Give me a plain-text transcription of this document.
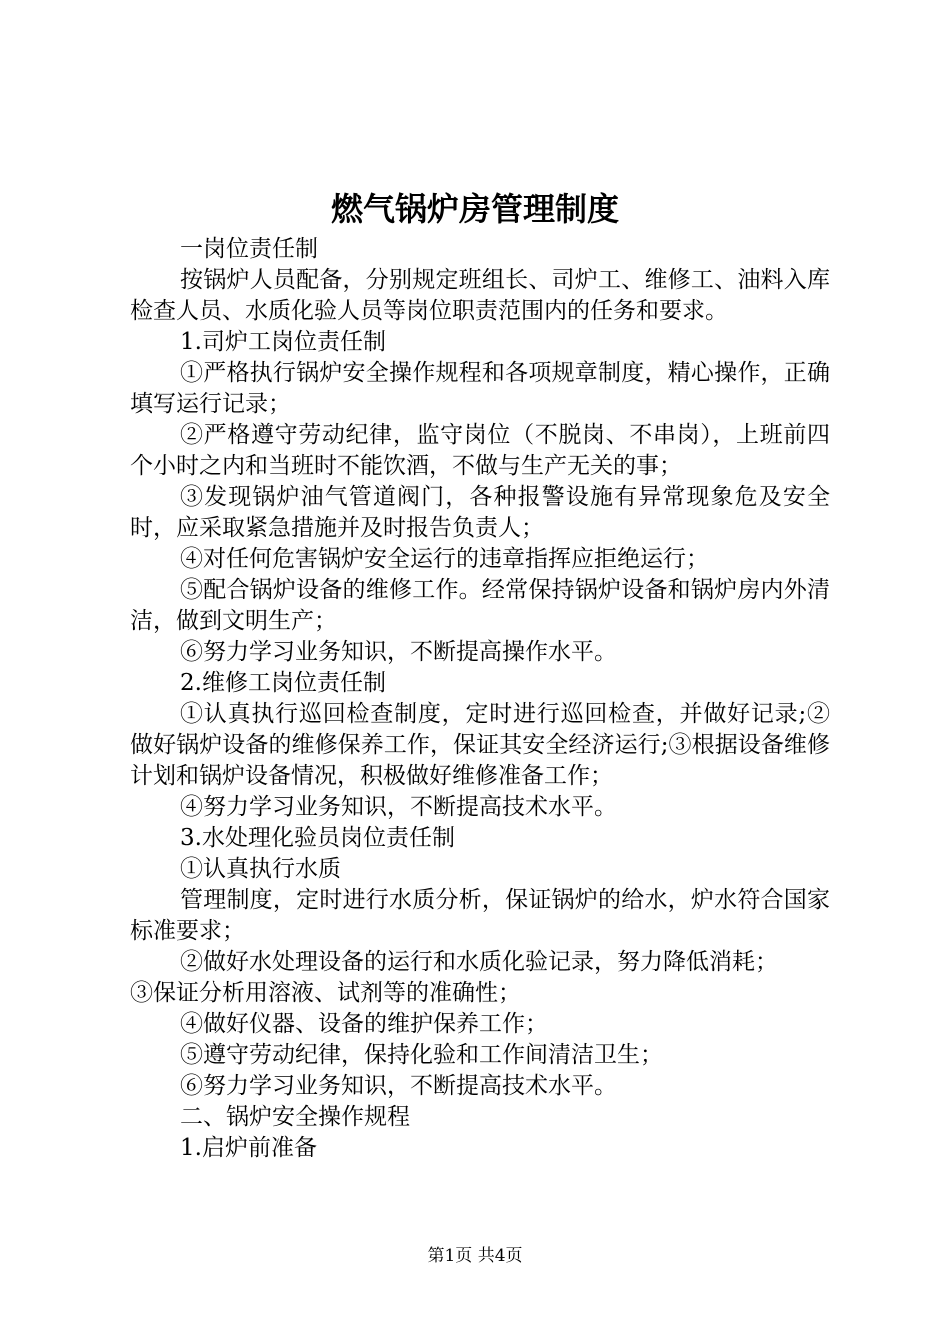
燃气锅炉房管理制度

一岗位责任制

按锅炉人员配备，分别规定班组长、司炉工、维修工、油料入库检查人员、水质化验人员等岗位职责范围内的任务和要求。

1.司炉工岗位责任制

①严格执行锅炉安全操作规程和各项规章制度，精心操作，正确填写运行记录；

②严格遵守劳动纪律，监守岗位（不脱岗、不串岗），上班前四个小时之内和当班时不能饮酒，不做与生产无关的事；

③发现锅炉油气管道阀门，各种报警设施有异常现象危及安全时，应采取紧急措施并及时报告负责人；

④对任何危害锅炉安全运行的违章指挥应拒绝运行；

⑤配合锅炉设备的维修工作。经常保持锅炉设备和锅炉房内外清洁，做到文明生产；

⑥努力学习业务知识，不断提高操作水平。

2.维修工岗位责任制

①认真执行巡回检查制度，定时进行巡回检查，并做好记录;②做好锅炉设备的维修保养工作，保证其安全经济运行;③根据设备维修计划和锅炉设备情况，积极做好维修准备工作；

④努力学习业务知识，不断提高技术水平。

3.水处理化验员岗位责任制

①认真执行水质

管理制度，定时进行水质分析，保证锅炉的给水，炉水符合国家标准要求；

②做好水处理设备的运行和水质化验记录，努力降低消耗；

③保证分析用溶液、试剂等的准确性；

④做好仪器、设备的维护保养工作；

⑤遵守劳动纪律，保持化验和工作间清洁卫生；

⑥努力学习业务知识，不断提高技术水平。

二、锅炉安全操作规程

1.启炉前准备

第1页 共4页
